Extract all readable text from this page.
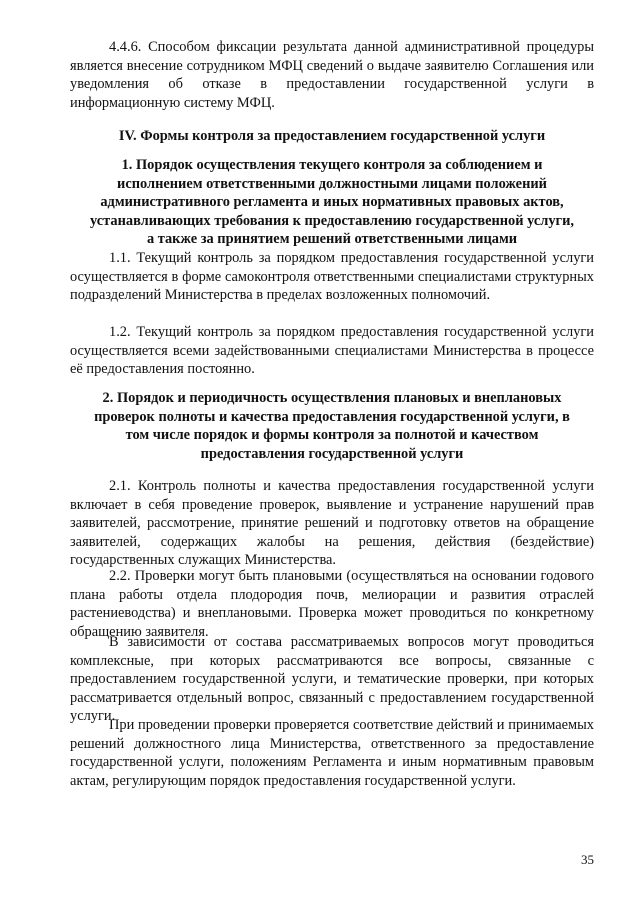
4.4.6. Способом фиксации результата данной административной процедуры является внесение сотрудником МФЦ сведений о выдаче заявителю Соглашения или уведомления об отказе в предоставлении государственной услуги в информационную систему МФЦ.

IV. Формы контроля за предоставлением государственной услуги

1. Порядок осуществления текущего контроля за соблюдением и исполнением ответственными должностными лицами положений административного регламента и иных нормативных правовых актов, устанавливающих требования к предоставлению государственной услуги, а также за принятием решений ответственными лицами

1.1. Текущий контроль за порядком предоставления государственной услуги осуществляется в форме самоконтроля ответственными специалистами структурных подразделений Министерства в пределах возложенных полномочий.

1.2. Текущий контроль за порядком предоставления государственной услуги осуществляется всеми задействованными специалистами Министерства в процессе её предоставления постоянно.

2. Порядок и периодичность осуществления плановых и внеплановых проверок полноты и качества предоставления государственной услуги, в том числе порядок и формы контроля за полнотой и качеством предоставления государственной услуги

2.1. Контроль полноты и качества предоставления государственной услуги включает в себя проведение проверок, выявление и устранение нарушений прав заявителей, рассмотрение, принятие решений и подготовку ответов на обращение заявителей, содержащих жалобы на решения, действия (бездействие) государственных служащих Министерства.

2.2. Проверки могут быть плановыми (осуществляться на основании годового плана работы отдела плодородия почв, мелиорации и развития отраслей растениеводства) и внеплановыми. Проверка может проводиться по конкретному обращению заявителя.

В зависимости от состава рассматриваемых вопросов могут проводиться комплексные, при которых рассматриваются все вопросы, связанные с предоставлением государственной услуги, и тематические проверки, при которых рассматривается отдельный вопрос, связанный с предоставлением государственной услуги.

При проведении проверки проверяется соответствие действий и принимаемых решений должностного лица Министерства, ответственного за предоставление государственной услуги, положениям Регламента и иным нормативным правовым актам, регулирующим порядок предоставления государственной услуги.

35
